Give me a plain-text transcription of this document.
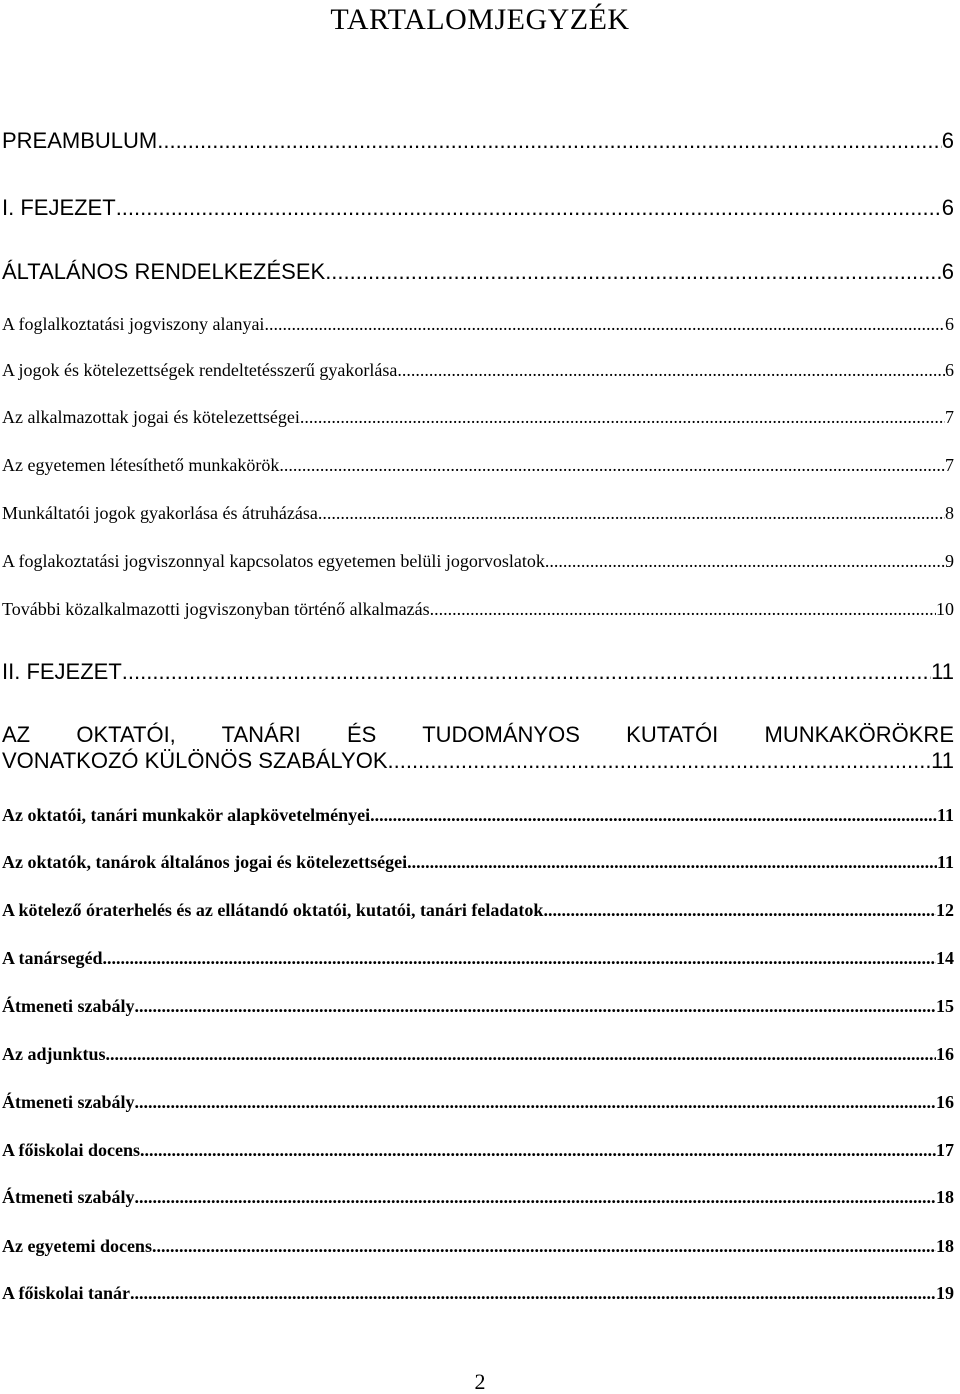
TARTALOMJEGYZÉK
PREAMBULUM .....	6
I. FEJEZET .....	6
ÁLTALÁNOS RENDELKEZÉSEK .....	6
A foglalkoztatási jogviszony alanyai .....	6
A jogok és kötelezettségek rendeltetésszerű gyakorlása .....	6
Az alkalmazottak jogai és kötelezettségei .....	7
Az egyetemen létesíthető munkakörök .....	7
Munkáltatói jogok gyakorlása és átruházása .....	8
A foglakoztatási jogviszonnyal kapcsolatos egyetemen belüli jogorvoslatok .....	9
További közalkalmazotti jogviszonyban történő alkalmazás .....	10
II. FEJEZET .....	11
AZ OKTATÓI, TANÁRI ÉS TUDOMÁNYOS KUTATÓI MUNKAKÖRÖKRE
VONATKOZÓ KÜLÖNÖS SZABÁLYOK .....	11
Az oktatói, tanári munkakör alapkövetelményei .....	11
Az oktatók, tanárok általános jogai és kötelezettségei .....	11
A kötelező óraterhelés és az ellátandó oktatói, kutatói, tanári feladatok .....	12
A tanársegéd .....	14
Átmeneti szabály .....	15
Az adjunktus .....	16
Átmeneti szabály .....	16
A főiskolai docens .....	17
Átmeneti szabály .....	18
Az egyetemi docens .....	18
A főiskolai tanár .....	19
2
